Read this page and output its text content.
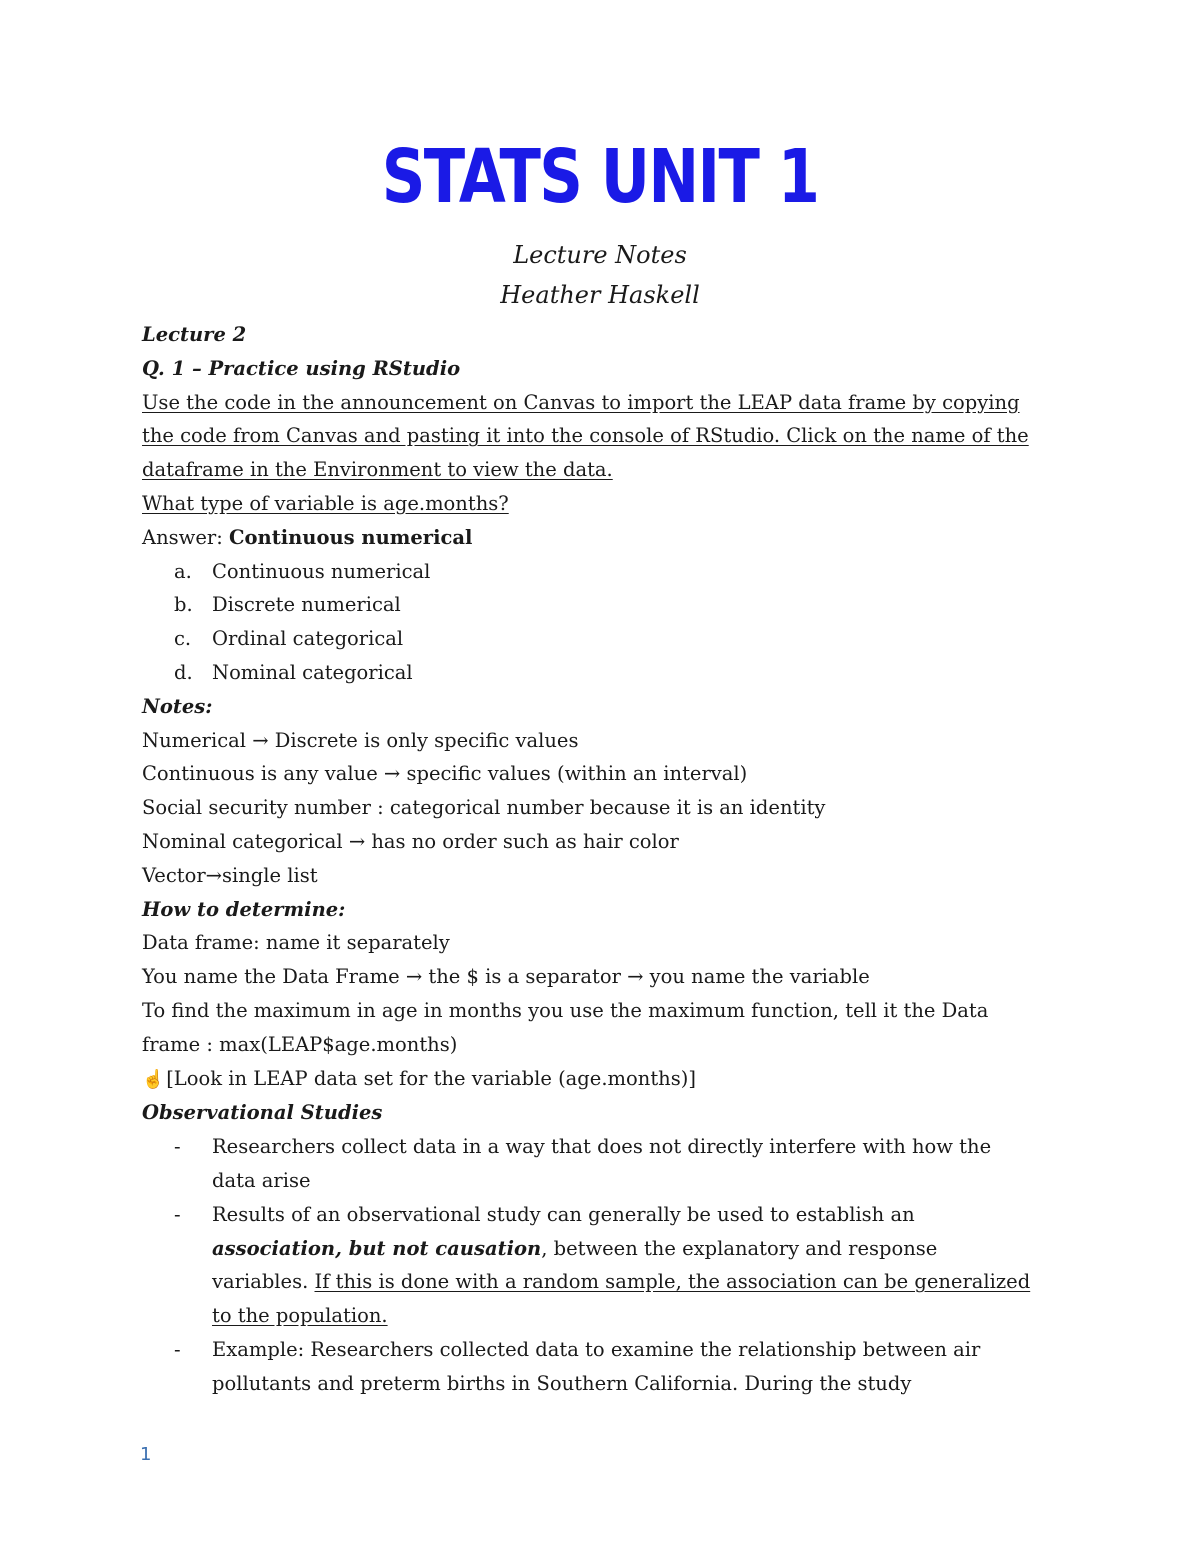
STATS UNIT 1
Lecture Notes
Heather Haskell
Lecture 2
Q. 1 – Practice using RStudio
Use the code in the announcement on Canvas to import the LEAP data frame by copying
the code from Canvas and pasting it into the console of RStudio. Click on the name of the
dataframe in the Environment to view the data.
What type of variable is age.months?
Answer: Continuous numerical
a.	Continuous numerical
b. Discrete numerical
c.	Ordinal categorical
d. Nominal categorical
Notes:
Numerical → Discrete is only specific values
Continuous is any value → specific values (within an interval)
Social security number : categorical number because it is an identity
Nominal categorical → has no order such as hair color
Vector→single list
How to determine:
Data frame: name it separately
You name the Data Frame → the $ is a separator → you name the variable
To find the maximum in age in months you use the maximum function, tell it the Data
frame : max(LEAP$age.months)
☝ [Look in LEAP data set for the variable (age.months)]
Observational Studies
-	Researchers collect data in a way that does not directly interfere with how the
data arise
-	Results of an observational study can generally be used to establish an
association, but not causation, between the explanatory and response
variables. If this is done with a random sample, the association can be generalized
to the population.
-	Example: Researchers collected data to examine the relationship between air
pollutants and preterm births in Southern California. During the study
1
